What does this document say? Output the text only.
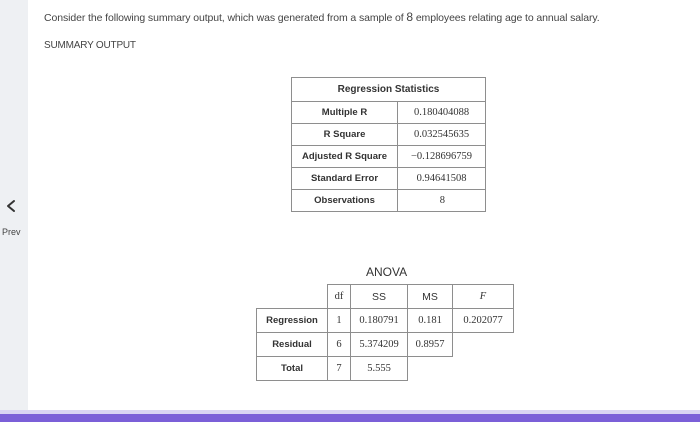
Prev
Consider the following summary output, which was generated from a sample of 8 employees relating age to annual salary.
SUMMARY OUTPUT
Regression Statistics	
Multiple R	0.180404088
R Square	0.032545635
Adjusted R Square	−0.128696759
Standard Error	0.94641508
Observations	8
ANOVA
	df	SS	MS	F
Regression	1	0.180791	0.181	0.202077
Residual	6	5.374209	0.8957	
Total	7	5.555		
